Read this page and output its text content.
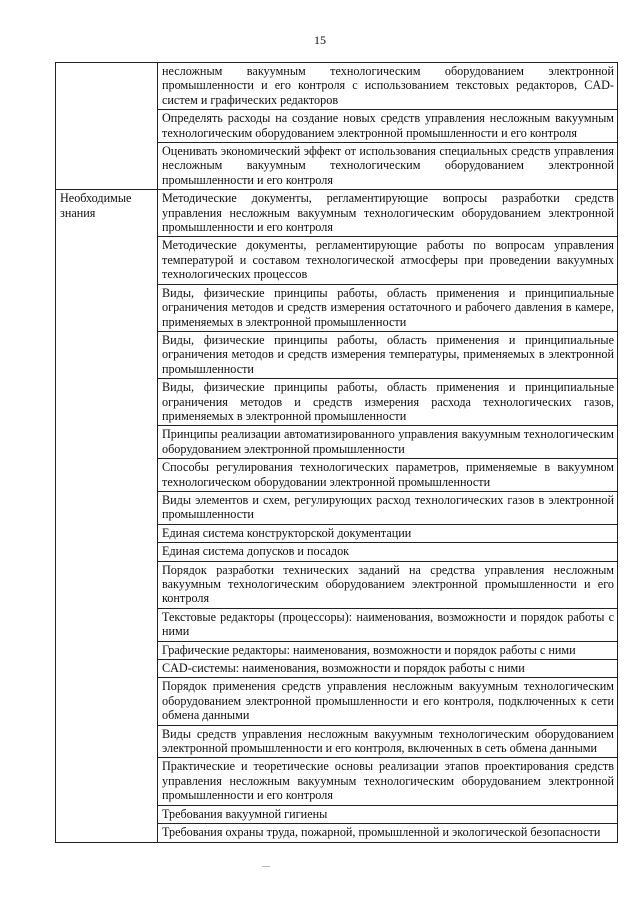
15
	несложным вакуумным технологическим оборудованием электронной промышленности и его контроля с использованием текстовых редакторов, CAD-систем и графических редакторов
	Определять расходы на создание новых средств управления несложным вакуумным технологическим оборудованием электронной промышленности и его контроля
	Оценивать экономический эффект от использования специальных средств управления несложным вакуумным технологическим оборудованием электронной промышленности и его контроля
Необходимые знания	Методические документы, регламентирующие вопросы разработки средств управления несложным вакуумным технологическим оборудованием электронной промышленности и его контроля
	Методические документы, регламентирующие работы по вопросам управления температурой и составом технологической атмосферы при проведении вакуумных технологических процессов
	Виды, физические принципы работы, область применения и принципиальные ограничения методов и средств измерения остаточного и рабочего давления в камере, применяемых в электронной промышленности
	Виды, физические принципы работы, область применения и принципиальные ограничения методов и средств измерения температуры, применяемых в электронной промышленности
	Виды, физические принципы работы, область применения и принципиальные ограничения методов и средств измерения расхода технологических газов, применяемых в электронной промышленности
	Принципы реализации автоматизированного управления вакуумным технологическим оборудованием электронной промышленности
	Способы регулирования технологических параметров, применяемые в вакуумном технологическом оборудовании электронной промышленности
	Виды элементов и схем, регулирующих расход технологических газов в электронной промышленности
	Единая система конструкторской документации
	Единая система допусков и посадок
	Порядок разработки технических заданий на средства управления несложным вакуумным технологическим оборудованием электронной промышленности и его контроля
	Текстовые редакторы (процессоры): наименования, возможности и порядок работы с ними
	Графические редакторы: наименования, возможности и порядок работы с ними
	CAD-системы: наименования, возможности и порядок работы с ними
	Порядок применения средств управления несложным вакуумным технологическим оборудованием электронной промышленности и его контроля, подключенных к сети обмена данными
	Виды средств управления несложным вакуумным технологическим оборудованием электронной промышленности и его контроля, включенных в сеть обмена данными
	Практические и теоретические основы реализации этапов проектирования средств управления несложным вакуумным технологическим оборудованием электронной промышленности и его контроля
	Требования вакуумной гигиены
	Требования охраны труда, пожарной, промышленной и экологической безопасности
